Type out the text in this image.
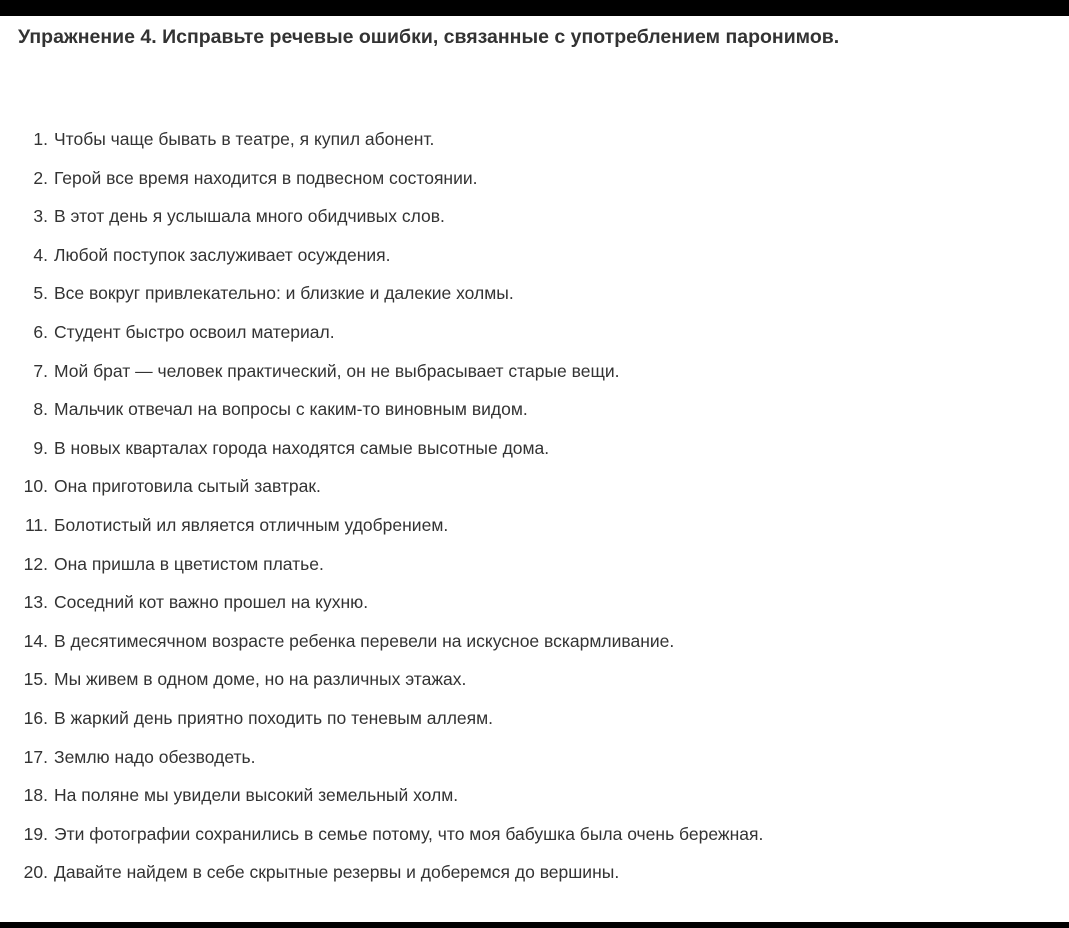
Упражнение 4. Исправьте речевые ошибки, связанные с употреблением паронимов.
1. Чтобы чаще бывать в театре, я купил абонент.
2. Герой все время находится в подвесном состоянии.
3. В этот день я услышала много обидчивых слов.
4. Любой поступок заслуживает осуждения.
5. Все вокруг привлекательно: и близкие и далекие холмы.
6. Студент быстро освоил материал.
7. Мой брат — человек практический, он не выбрасывает старые вещи.
8. Мальчик отвечал на вопросы с каким-то виновным видом.
9. В новых кварталах города находятся самые высотные дома.
10. Она приготовила сытый завтрак.
11. Болотистый ил является отличным удобрением.
12. Она пришла в цветистом платье.
13. Соседний кот важно прошел на кухню.
14. В десятимесячном возрасте ребенка перевели на искусное вскармливание.
15. Мы живем в одном доме, но на различных этажах.
16. В жаркий день приятно походить по теневым аллеям.
17. Землю надо обезводеть.
18. На поляне мы увидели высокий земельный холм.
19. Эти фотографии сохранились в семье потому, что моя бабушка была очень бережная.
20. Давайте найдем в себе скрытные резервы и доберемся до вершины.
